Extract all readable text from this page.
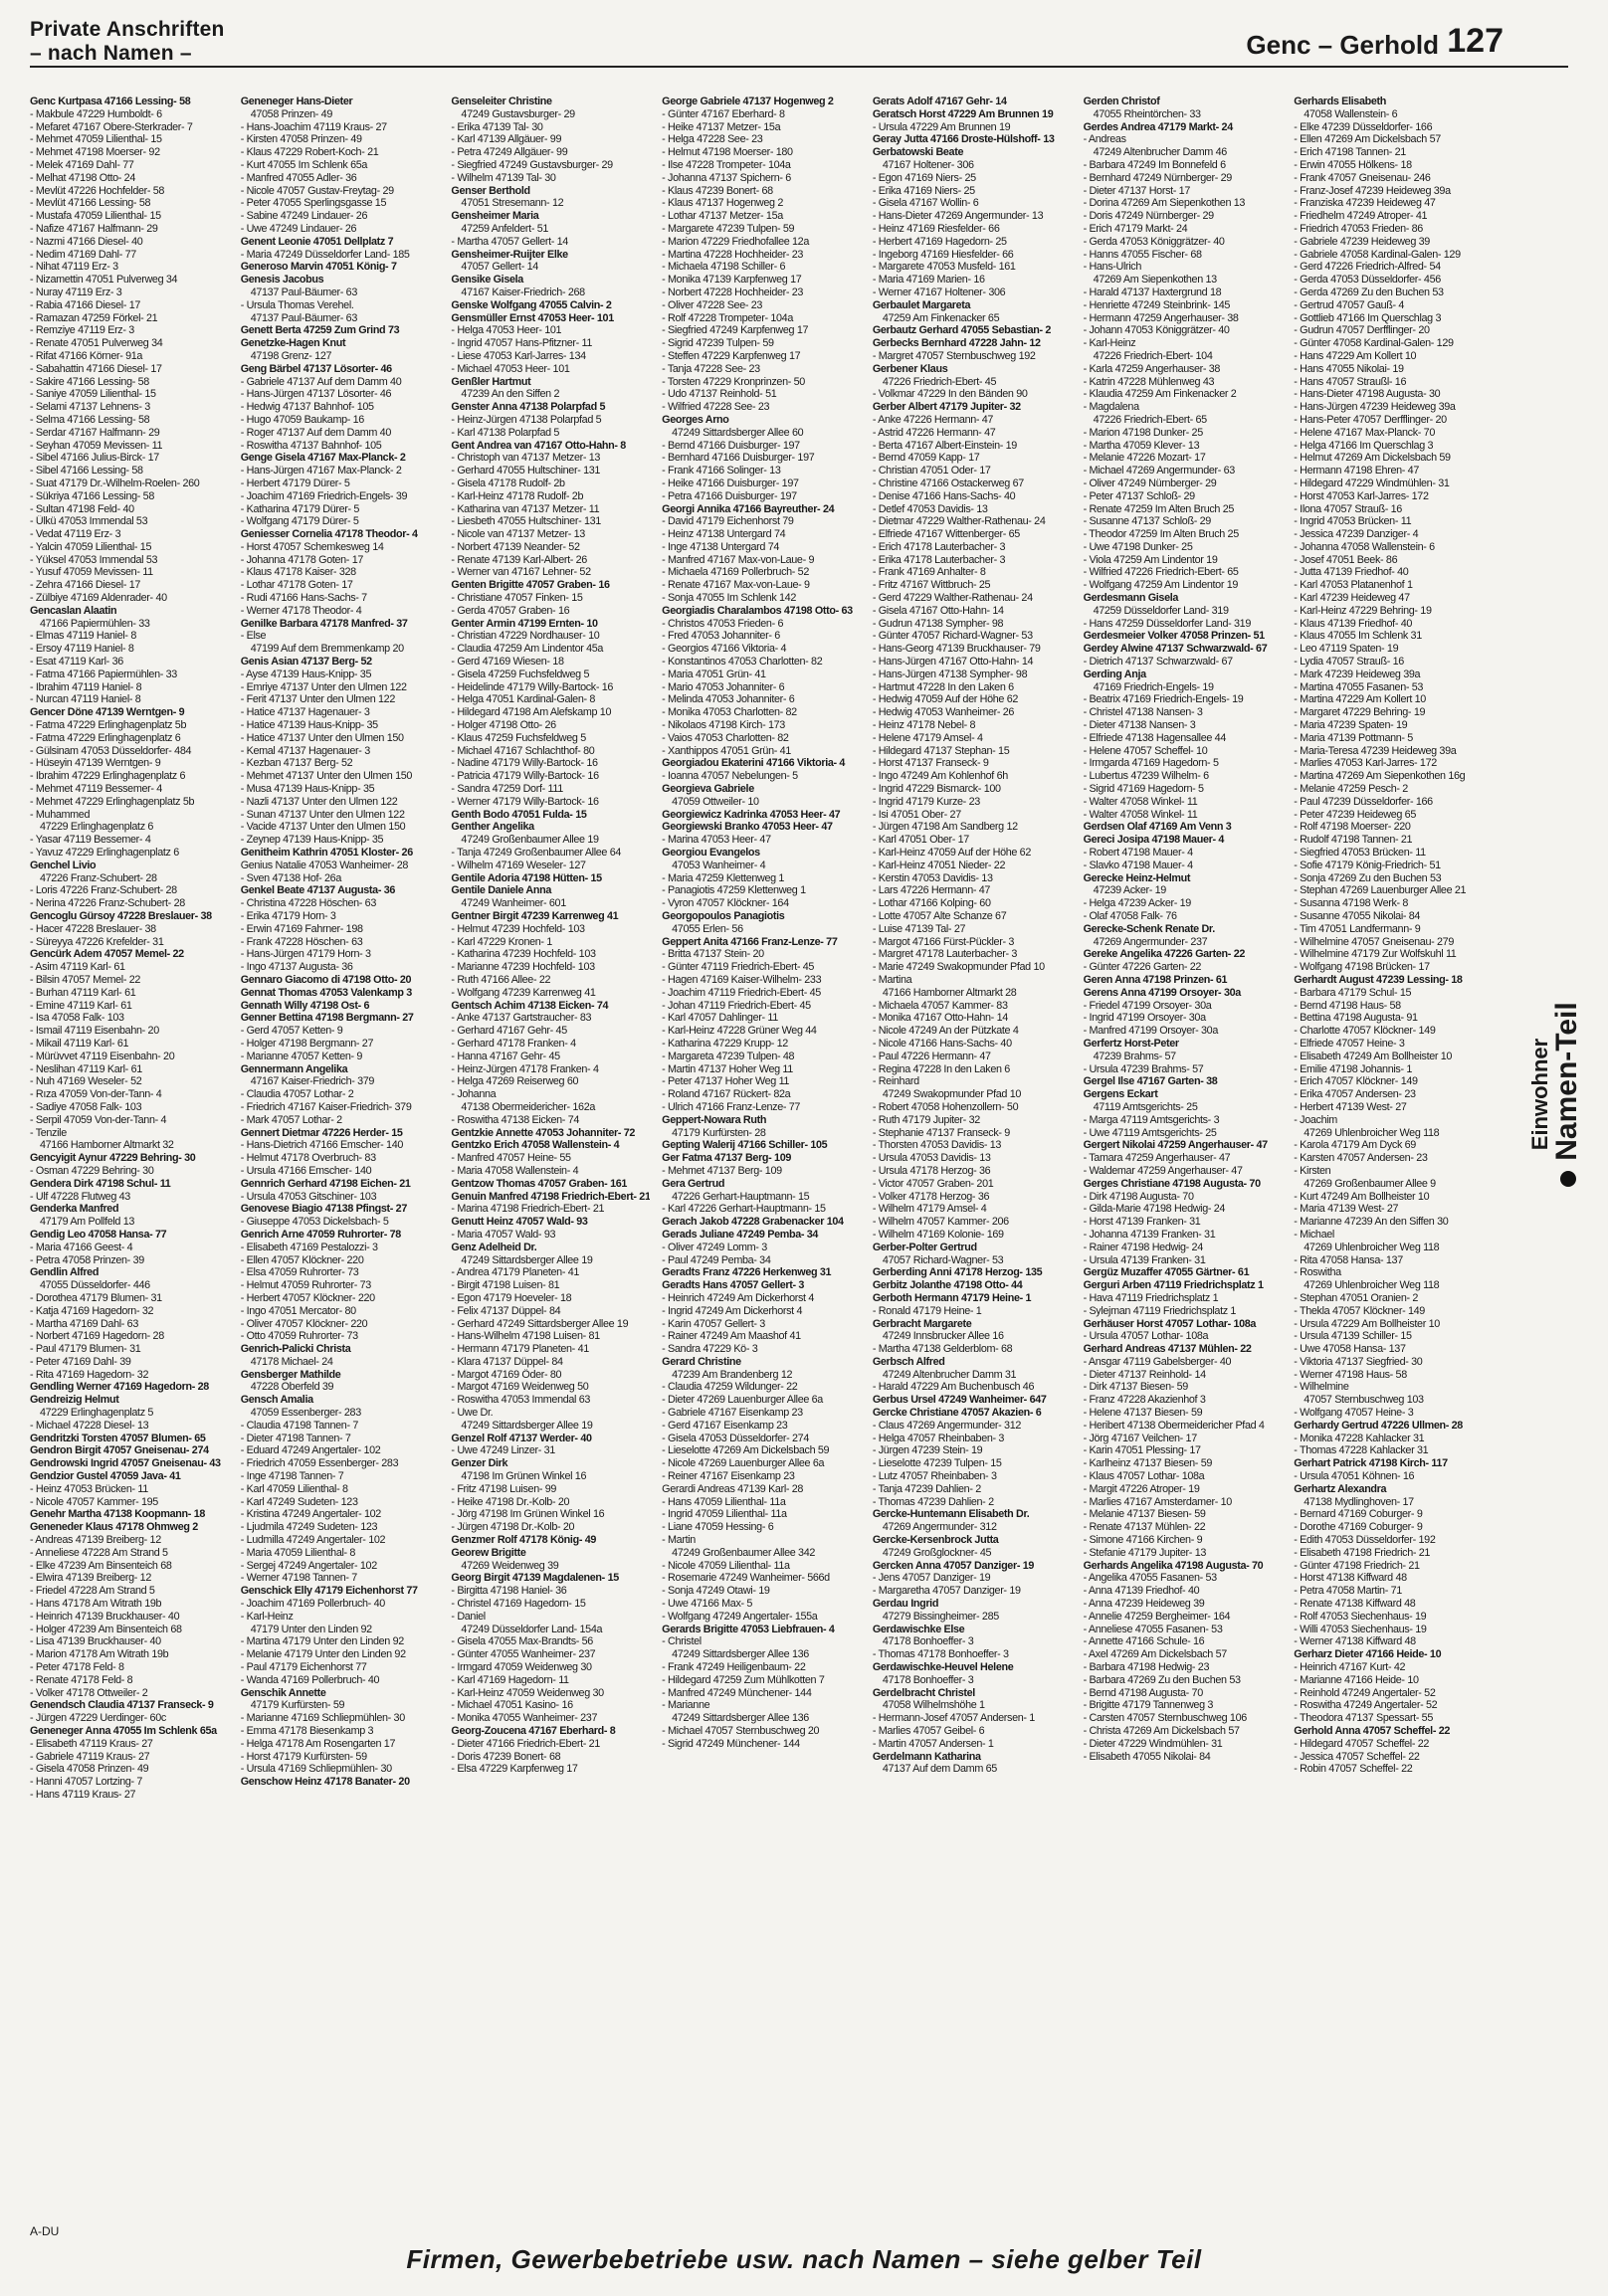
Private Anschriften
– nach Namen –	Genc – Gerhold 127
Genc Kurtpasa 47166 Lessing- 58
- Makbule 47229 Humboldt- 6
- Mefaret 47167 Obere-Sterkrader- 7
- Mehmet 47059 Lilienthal- 15
- Mehmet 47198 Moerser- 92
- Melek 47169 Dahl- 77
- Melhat 47198 Otto- 24
- Mevlüt 47226 Hochfelder- 58
- Mevlüt 47166 Lessing- 58
- Mustafa 47059 Lilienthal- 15
- Nafize 47167 Halfmann- 29
- Nazmi 47166 Diesel- 40
- Nedim 47169 Dahl- 77
- Nihat 47119 Erz- 3
- Nizamettin 47051 Pulverweg 34
- Nuray 47119 Erz- 3
- Rabia 47166 Diesel- 17
- Ramazan 47259 Förkel- 21
- Remziye 47119 Erz- 3
- Renate 47051 Pulverweg 34
- Rifat 47166 Körner- 91a
- Sabahattin 47166 Diesel- 17
- Sakire 47166 Lessing- 58
- Saniye 47059 Lilienthal- 15
- Selami 47137 Lehnens- 3
- Selma 47166 Lessing- 58
- Serdar 47167 Halfmann- 29
- Seyhan 47059 Mevissen- 11
- Sibel 47166 Julius-Birck- 17
- Sibel 47166 Lessing- 58
- Suat 47179 Dr.-Wilhelm-Roelen- 260
- Sükriya 47166 Lessing- 58
- Sultan 47198 Feld- 40
- Ülkü 47053 Immendal 53
- Vedat 47119 Erz- 3
- Yalcin 47059 Lilienthal- 15
- Yüksel 47053 Immendal 53
- Yusuf 47059 Mevissen- 11
- Zehra 47166 Diesel- 17
- Zülbiye 47169 Aldenrader- 40
Gencaslan Alaatin
47166 Papiermühlen- 33
- Elmas 47119 Haniel- 8
- Ersoy 47119 Haniel- 8
- Esat 47119 Karl- 36
- Fatma 47166 Papiermühlen- 33
- Ibrahim 47119 Haniel- 8
- Nurcan 47119 Haniel- 8
Gencer Döne 47139 Werntgen- 9
- Fatma 47229 Erlinghagenplatz 5b
- Fatma 47229 Erlinghagenplatz 6
- Gülsinam 47053 Düsseldorfer- 484
- Hüseyin 47139 Werntgen- 9
- Ibrahim 47229 Erlinghagenplatz 6
- Mehmet 47119 Bessemer- 4
- Mehmet 47229 Erlinghagenplatz 5b
- Muhammed
47229 Erlinghagenplatz 6
- Yasar 47119 Bessemer- 4
- Yavuz 47229 Erlinghagenplatz 6
Genchel Livio
47226 Franz-Schubert- 28
- Loris 47226 Franz-Schubert- 28
- Nerina 47226 Franz-Schubert- 28
Gencoglu Gürsoy 47228 Breslauer- 38
- Hacer 47228 Breslauer- 38
- Süreyya 47226 Krefelder- 31
Gencürk Adem 47057 Memel- 22
- Asim 47119 Karl- 61
- Bilsin 47057 Memel- 22
- Burhan 47119 Karl- 61
- Emine 47119 Karl- 61
- Isa 47058 Falk- 103
- Ismail 47119 Eisenbahn- 20
- Mikail 47119 Karl- 61
- Mürüvvet 47119 Eisenbahn- 20
- Neslihan 47119 Karl- 61
- Nuh 47169 Weseler- 52
- Rıza 47059 Von-der-Tann- 4
- Sadiye 47058 Falk- 103
- Serpil 47059 Von-der-Tann- 4
- Tenzile
47166 Hamborner Altmarkt 32
Gencyigit Aynur 47229 Behring- 30
- Osman 47229 Behring- 30
Gendera Dirk 47198 Schul- 11
- Ulf 47228 Flutweg 43
Genderka Manfred
47179 Am Pollfeld 13
Gendig Leo 47058 Hansa- 77
- Maria 47166 Geest- 4
- Petra 47058 Prinzen- 39
Gendlin Alfred
47055 Düsseldorfer- 446
- Dorothea 47179 Blumen- 31
- Katja 47169 Hagedorn- 32
- Martha 47169 Dahl- 63
- Norbert 47169 Hagedorn- 28
- Paul 47179 Blumen- 31
- Peter 47169 Dahl- 39
- Rita 47169 Hagedorn- 32
Gendling Werner 47169 Hagedorn- 28
Gendreizig Helmut
47229 Erlinghagenplatz 5
- Michael 47228 Diesel- 13
Gendritzki Torsten 47057 Blumen- 65
Gendron Birgit 47057 Gneisenau- 274
Gendrowski Ingrid 47057 Gneisenau- 43
Gendzior Gustel 47059 Java- 41
- Heinz 47053 Brücken- 11
- Nicole 47057 Kammer- 195
Genehr Martha 47138 Koopmann- 18
Geneneder Klaus 47178 Ohmweg 2
- Andreas 47139 Breiberg- 12
- Anneliese 47228 Am Strand 5
- Elke 47239 Am Binsenteich 68
- Elwira 47139 Breiberg- 12
- Friedel 47228 Am Strand 5
- Hans 47178 Am Witrath 19b
- Heinrich 47139 Bruckhauser- 40
- Holger 47239 Am Binsenteich 68
- Lisa 47139 Bruckhauser- 40
- Marion 47178 Am Witrath 19b
- Peter 47178 Feld- 8
- Renate 47178 Feld- 8
- Volker 47178 Ottweiler- 2
Genendsch Claudia 47137 Franseck- 9
- Jürgen 47229 Uerdinger- 60c
Geneneger Anna 47055 Im Schlenk 65a
- Elisabeth 47119 Kraus- 27
- Gabriele 47119 Kraus- 27
- Gisela 47058 Prinzen- 49
- Hanni 47057 Lortzing- 7
- Hans 47119 Kraus- 27
Geneneger Hans-Dieter
47058 Prinzen- 49
- Hans-Joachim 47119 Kraus- 27
- Kirsten 47058 Prinzen- 49
- Klaus 47229 Robert-Koch- 21
- Kurt 47055 Im Schlenk 65a
- Manfred 47055 Adler- 36
- Nicole 47057 Gustav-Freytag- 29
- Peter 47055 Sperlingsgasse 15
- Sabine 47249 Lindauer- 26
- Uwe 47249 Lindauer- 26
Genent Leonie 47051 Dellplatz 7
- Maria 47249 Düsseldorfer Land- 185
Generoso Marvin 47051 König- 7
Genesis Jacobus
47137 Paul-Bäumer- 63
- Ursula Thomas Verehel.
47137 Paul-Bäumer- 63
Genett Berta 47259 Zum Grind 73
Genetzke-Hagen Knut
47198 Grenz- 127
Geng Bärbel 47137 Lösorter- 46
- Gabriele 47137 Auf dem Damm 40
- Hans-Jürgen 47137 Lösorter- 46
- Hedwig 47137 Bahnhof- 105
- Hugo 47059 Baukamp- 16
- Roger 47137 Auf dem Damm 40
- Roswitha 47137 Bahnhof- 105
Genge Gisela 47167 Max-Planck- 2
- Hans-Jürgen 47167 Max-Planck- 2
- Herbert 47179 Dürer- 5
- Joachim 47169 Friedrich-Engels- 39
- Katharina 47179 Dürer- 5
- Wolfgang 47179 Dürer- 5
Geniesser Cornelia 47178 Theodor- 4
- Horst 47057 Schemkesweg 14
- Johanna 47178 Goten- 17
- Klaus 47178 Kaiser- 328
- Lothar 47178 Goten- 17
- Rudi 47166 Hans-Sachs- 7
- Werner 47178 Theodor- 4
Genilke Barbara 47178 Manfred- 37
- Else
47199 Auf dem Bremmenkamp 20
Genis Asian 47137 Berg- 52
- Ayse 47139 Haus-Knipp- 35
- Emriye 47137 Unter den Ulmen 122
- Ferit 47137 Unter den Ulmen 122
- Hatice 47137 Hagenauer- 3
- Hatice 47139 Haus-Knipp- 35
- Hatice 47137 Unter den Ulmen 150
- Kemal 47137 Hagenauer- 3
- Kezban 47137 Berg- 52
- Mehmet 47137 Unter den Ulmen 150
- Musa 47139 Haus-Knipp- 35
- Nazli 47137 Unter den Ulmen 122
- Sunan 47137 Unter den Ulmen 122
- Vacide 47137 Unter den Ulmen 150
- Zeynep 47139 Haus-Knipp- 35
Genitheim Kathrin 47051 Kloster- 26
Genius Natalie 47053 Wanheimer- 28
- Sven 47138 Hof- 26a
Genkel Beate 47137 Augusta- 36
- Christina 47228 Höschen- 63
- Erika 47179 Horn- 3
- Erwin 47169 Fahrner- 198
- Frank 47228 Höschen- 63
- Hans-Jürgen 47179 Horn- 3
- Ingo 47137 Augusta- 36
Gennaro Giacomo di 47198 Otto- 20
Gennat Thomas 47053 Valenkamp 3
Gennath Willy 47198 Ost- 6
Genner Bettina 47198 Bergmann- 27
- Gerd 47057 Ketten- 9
- Holger 47198 Bergmann- 27
- Marianne 47057 Ketten- 9
Gennermann Angelika
47167 Kaiser-Friedrich- 379
- Claudia 47057 Lothar- 2
- Friedrich 47167 Kaiser-Friedrich- 379
- Mark 47057 Lothar- 2
Gennert Dietmar 47226 Herder- 15
- Hans-Dietrich 47166 Emscher- 140
- Helmut 47178 Overbruch- 83
- Ursula 47166 Emscher- 140
Gennrich Gerhard 47198 Eichen- 21
- Ursula 47053 Gitschiner- 103
Genovese Biagio 47138 Pfingst- 27
- Giuseppe 47053 Dickelsbach- 5
Genrich Arne 47059 Ruhrorter- 78
- Elisabeth 47169 Pestalozzi- 3
- Ellen 47057 Klöckner- 220
- Elsa 47059 Ruhrorter- 73
- Helmut 47059 Ruhrorter- 73
- Herbert 47057 Klöckner- 220
- Ingo 47051 Mercator- 80
- Oliver 47057 Klöckner- 220
- Otto 47059 Ruhrorter- 73
Genrich-Palicki Christa
47178 Michael- 24
Gensberger Mathilde
47228 Oberfeld 39
Gensch Amalia
47059 Essenberger- 283
- Claudia 47198 Tannen- 7
- Dieter 47198 Tannen- 7
- Eduard 47249 Angertaler- 102
- Friedrich 47059 Essenberger- 283
- Inge 47198 Tannen- 7
- Karl 47059 Lilienthal- 8
- Karl 47249 Sudeten- 123
- Kristina 47249 Angertaler- 102
- Ljudmila 47249 Sudeten- 123
- Ludmilla 47249 Angertaler- 102
- Maria 47059 Lilienthal- 8
- Sergej 47249 Angertaler- 102
- Werner 47198 Tannen- 7
Genschick Elly 47179 Eichenhorst 77
- Joachim 47169 Pollerbruch- 40
- Karl-Heinz
47179 Unter den Linden 92
- Martina 47179 Unter den Linden 92
- Melanie 47179 Unter den Linden 92
- Paul 47179 Eichenhorst 77
- Wanda 47169 Pollerbruch- 40
Genschik Annette
47179 Kurfürsten- 59
- Marianne 47169 Schliepmühlen- 30
- Emma 47178 Biesenkamp 3
- Helga 47178 Am Rosengarten 17
- Horst 47179 Kurfürsten- 59
- Ursula 47169 Schliepmühlen- 30
Genschow Heinz 47178 Banater- 20
Genseleiter Christine
47249 Gustavsburger- 29
- Erika 47139 Tal- 30
- Karl 47139 Allgäuer- 99
- Petra 47249 Allgäuer- 99
- Siegfried 47249 Gustavsburger- 29
- Wilhelm 47139 Tal- 30
Genser Berthold
47051 Stresemann- 12
Gensheimer Maria
47259 Anfeldert- 51
- Martha 47057 Gellert- 14
Gensheimer-Ruijter Elke
47057 Gellert- 14
Gensike Gisela
47167 Kaiser-Friedrich- 268
Genske Wolfgang 47055 Calvin- 2
Gensmüller Ernst 47053 Heer- 101
- Helga 47053 Heer- 101
- Ingrid 47057 Hans-Pfitzner- 11
- Liese 47053 Karl-Jarres- 134
- Michael 47053 Heer- 101
Genßler Hartmut
47239 An den Siffen 2
Genster Anna 47138 Polarpfad 5
- Heinz-Jürgen 47138 Polarpfad 5
- Karl 47138 Polarpfad 5
Gent Andrea van 47167 Otto-Hahn- 8
- Christoph van 47137 Metzer- 13
- Gerhard 47055 Hultschiner- 131
- Gisela 47178 Rudolf- 2b
- Karl-Heinz 47178 Rudolf- 2b
- Katharina van 47137 Metzer- 11
- Liesbeth 47055 Hultschiner- 131
- Nicole van 47137 Metzer- 13
- Norbert 47139 Neander- 52
- Renate 47139 Karl-Albert- 26
- Werner van 47167 Lehner- 52
Genten Brigitte 47057 Graben- 16
- Christiane 47057 Finken- 15
- Gerda 47057 Graben- 16
Genter Armin 47199 Ernten- 10
- Christian 47229 Nordhauser- 10
- Claudia 47259 Am Lindentor 45a
- Gerd 47169 Wiesen- 18
- Gisela 47259 Fuchsfeldweg 5
- Heidelinde 47179 Willy-Bartock- 16
- Helga 47051 Kardinal-Galen- 8
- Hildegard 47198 Am Alefskamp 10
- Holger 47198 Otto- 26
- Klaus 47259 Fuchsfeldweg 5
- Michael 47167 Schlachthof- 80
- Nadine 47179 Willy-Bartock- 16
- Patricia 47179 Willy-Bartock- 16
- Sandra 47259 Dorf- 111
- Werner 47179 Willy-Bartock- 16
Genth Bodo 47051 Fulda- 15
Genther Angelika
47249 Großenbaumer Allee 19
- Tanja 47249 Großenbaumer Allee 64
- Wilhelm 47169 Weseler- 127
Gentile Adoria 47198 Hütten- 15
Gentile Daniele Anna
47249 Wanheimer- 601
Gentner Birgit 47239 Karrenweg 41
- Helmut 47239 Hochfeld- 103
- Karl 47229 Kronen- 1
- Katharina 47239 Hochfeld- 103
- Marianne 47239 Hochfeld- 103
- Ruth 47166 Allee- 22
- Wolfgang 47239 Karrenweg 41
Gentsch Achim 47138 Eicken- 74
- Anke 47137 Gartstraucher- 83
- Gerhard 47167 Gehr- 45
- Gerhard 47178 Franken- 4
- Hanna 47167 Gehr- 45
- Heinz-Jürgen 47178 Franken- 4
- Helga 47269 Reiserweg 60
- Johanna
47138 Obermeidericher- 162a
- Roswitha 47138 Eicken- 74
Gentzkie Annette 47053 Johanniter- 72
Gentzko Erich 47058 Wallenstein- 4
- Manfred 47057 Heine- 55
- Maria 47058 Wallenstein- 4
Gentzow Thomas 47057 Graben- 161
Genuin Manfred 47198 Friedrich-Ebert- 21
- Marina 47198 Friedrich-Ebert- 21
Genutt Heinz 47057 Wald- 93
- Maria 47057 Wald- 93
Genz Adelheid Dr.
47249 Sittardsberger Allee 19
- Andrea 47179 Planeten- 41
- Birgit 47198 Luisen- 81
- Egon 47179 Hoeveler- 18
- Felix 47137 Düppel- 84
- Gerhard 47249 Sittardsberger Allee 19
- Hans-Wilhelm 47198 Luisen- 81
- Hermann 47179 Planeten- 41
- Klara 47137 Düppel- 84
- Margot 47169 Öder- 80
- Margot 47169 Weidenweg 50
- Roswitha 47053 Immendal 63
- Uwe Dr.
47249 Sittardsberger Allee 19
Genzel Rolf 47137 Werder- 40
- Uwe 47249 Linzer- 31
Genzer Dirk
47198 Im Grünen Winkel 16
- Fritz 47198 Luisen- 99
- Heike 47198 Dr.-Kolb- 20
- Jörg 47198 Im Grünen Winkel 16
- Jürgen 47198 Dr.-Kolb- 20
Genzmer Rolf 47178 König- 49
Georew Brigitte
47269 Weidenweg 39
Georg Birgit 47139 Magdalenen- 15
- Birgitta 47198 Haniel- 36
- Christel 47169 Hagedorn- 15
- Daniel
47249 Düsseldorfer Land- 154a
- Gisela 47055 Max-Brandts- 56
- Günter 47055 Wanheimer- 237
- Irmgard 47059 Weidenweg 30
- Karl 47169 Hagedorn- 11
- Karl-Heinz 47059 Weidenweg 30
- Michael 47051 Kasino- 16
- Monika 47055 Wanheimer- 237
Georg-Zoucena 47167 Eberhard- 8
- Dieter 47166 Friedrich-Ebert- 21
- Doris 47239 Bonert- 68
- Elsa 47229 Karpfenweg 17
George Gabriele 47137 Hogenweg 2
- Günter 47167 Eberhard- 8
- Heike 47137 Metzer- 15a
- Helga 47228 See- 23
- Helmut 47198 Moerser- 180
- Ilse 47228 Trompeter- 104a
- Johanna 47137 Spichern- 6
- Klaus 47239 Bonert- 68
- Klaus 47137 Hogenweg 2
- Lothar 47137 Metzer- 15a
- Margarete 47239 Tulpen- 59
- Marion 47229 Friedhofallee 12a
- Martina 47228 Hochheider- 23
- Michaela 47198 Schiller- 6
- Monika 47139 Karpfenweg 17
- Norbert 47228 Hochheider- 23
- Oliver 47228 See- 23
- Rolf 47228 Trompeter- 104a
- Siegfried 47249 Karpfenweg 17
- Sigrid 47239 Tulpen- 59
- Steffen 47229 Karpfenweg 17
- Tanja 47228 See- 23
- Torsten 47229 Kronprinzen- 50
- Udo 47137 Reinhold- 51
- Wilfried 47228 See- 23
Georges Arno
47249 Sittardsberger Allee 60
- Bernd 47166 Duisburger- 197
- Bernhard 47166 Duisburger- 197
- Frank 47166 Solinger- 13
- Heike 47166 Duisburger- 197
- Petra 47166 Duisburger- 197
Georgi Annika 47166 Bayreuther- 24
- David 47179 Eichenhorst 79
- Heinz 47138 Untergard 74
- Inge 47138 Untergard 74
- Manfred 47167 Max-von-Laue- 9
- Michaela 47169 Pollerbruch- 52
- Renate 47167 Max-von-Laue- 9
- Sonja 47055 Im Schlenk 142
Georgiadis Charalambos 47198 Otto- 63
- Christos 47053 Frieden- 6
- Fred 47053 Johanniter- 6
- Georgios 47166 Viktoria- 4
- Konstantinos 47053 Charlotten- 82
- Maria 47051 Grün- 41
- Mario 47053 Johanniter- 6
- Melinda 47053 Johanniter- 6
- Monika 47053 Charlotten- 82
- Nikolaos 47198 Kirch- 173
- Vaios 47053 Charlotten- 82
- Xanthippos 47051 Grün- 41
Georgiadou Ekaterini 47166 Viktoria- 4
- Ioanna 47057 Nebelungen- 5
Georgieva Gabriele
47059 Ottweiler- 10
Georgiewicz Kadrinka 47053 Heer- 47
Georgiewski Branko 47053 Heer- 47
- Marina 47053 Heer- 47
Georgiou Evangelos
47053 Wanheimer- 4
- Maria 47259 Klettenweg 1
- Panagiotis 47259 Klettenweg 1
- Vyron 47057 Klöckner- 164
Georgopoulos Panagiotis
47055 Erlen- 56
Geppert Anita 47166 Franz-Lenze- 77
- Britta 47137 Stein- 20
- Günter 47119 Friedrich-Ebert- 45
- Hagen 47169 Kaiser-Wilhelm- 233
- Joachim 47119 Friedrich-Ebert- 45
- Johan 47119 Friedrich-Ebert- 45
- Karl 47057 Dahlinger- 11
- Karl-Heinz 47228 Grüner Weg 44
- Katharina 47229 Krupp- 12
- Margareta 47239 Tulpen- 48
- Martin 47137 Hoher Weg 11
- Peter 47137 Hoher Weg 11
- Roland 47167 Rückert- 82a
- Ulrich 47166 Franz-Lenze- 77
Geppert-Nowara Ruth
47179 Kurfürsten- 28
Gepting Walerij 47166 Schiller- 105
Ger Fatma 47137 Berg- 109
- Mehmet 47137 Berg- 109
Gera Gertrud
47226 Gerhart-Hauptmann- 15
- Karl 47226 Gerhart-Hauptmann- 15
Gerach Jakob 47228 Grabenacker 104
Gerads Juliane 47249 Pemba- 34
- Oliver 47249 Lomm- 3
- Paul 47249 Pemba- 34
Geradts Franz 47226 Herkenweg 31
Geradts Hans 47057 Gellert- 3
- Heinrich 47249 Am Dickerhorst 4
- Ingrid 47249 Am Dickerhorst 4
- Karin 47057 Gellert- 3
- Rainer 47249 Am Maashof 41
- Sandra 47229 Kö- 3
Gerard Christine
47239 Am Brandenberg 12
- Claudia 47259 Wildunger- 22
- Dieter 47269 Lauenburger Allee 6a
- Gabriele 47167 Eisenkamp 23
- Gerd 47167 Eisenkamp 23
- Gisela 47053 Düsseldorfer- 274
- Lieselotte 47269 Am Dickelsbach 59
- Nicole 47269 Lauenburger Allee 6a
- Reiner 47167 Eisenkamp 23
Gerardi Andreas 47139 Karl- 28
- Hans 47059 Lilienthal- 11a
- Ingrid 47059 Lilienthal- 11a
- Liane 47059 Hessing- 6
- Martin
47249 Großenbaumer Allee 342
- Nicole 47059 Lilienthal- 11a
- Rosemarie 47249 Wanheimer- 566d
- Sonja 47249 Otawi- 19
- Uwe 47166 Max- 5
- Wolfgang 47249 Angertaler- 155a
Gerards Brigitte 47053 Liebfrauen- 4
- Christel
47249 Sittardsberger Allee 136
- Frank 47249 Heiligenbaum- 22
- Hildegard 47259 Zum Mühlkotten 7
- Manfred 47249 Münchener- 144
- Marianne
47249 Sittardsberger Allee 136
- Michael 47057 Sternbuschweg 20
- Sigrid 47249 Münchener- 144
Gerats Adolf 47167 Gehr- 14
Geratsch Horst 47229 Am Brunnen 19
- Ursula 47229 Am Brunnen 19
Geray Jutta 47166 Droste-Hülshoff- 13
Gerbatowski Beate
47167 Holtener- 306
- Egon 47169 Niers- 25
- Erika 47169 Niers- 25
- Gisela 47167 Wollin- 6
- Hans-Dieter 47269 Angermunder- 13
- Heinz 47169 Riesfelder- 66
- Herbert 47169 Hagedorn- 25
- Ingeborg 47169 Hiesfelder- 66
- Margarete 47053 Musfeld- 161
- Maria 47169 Marien- 16
- Werner 47167 Holtener- 306
Gerbaulet Margareta
47259 Am Finkenacker 65
Gerbautz Gerhard 47055 Sebastian- 2
Gerbecks Bernhard 47228 Jahn- 12
- Margret 47057 Sternbuschweg 192
Gerbener Klaus
47226 Friedrich-Ebert- 45
- Volkmar 47229 In den Bänden 90
Gerber Albert 47179 Jupiter- 32
- Anke 47226 Hermann- 47
- Astrid 47226 Hermann- 47
- Berta 47167 Albert-Einstein- 19
- Bernd 47059 Kapp- 17
- Christian 47051 Oder- 17
- Christine 47166 Ostackerweg 67
- Denise 47166 Hans-Sachs- 40
- Detlef 47053 Davidis- 13
- Dietmar 47229 Walther-Rathenau- 24
- Elfriede 47167 Wittenberger- 65
- Erich 47178 Lauterbacher- 3
- Erika 47178 Lauterbacher- 3
- Frank 47169 Anhalter- 8
- Fritz 47167 Wittbruch- 25
- Gerd 47229 Walther-Rathenau- 24
- Gisela 47167 Otto-Hahn- 14
- Gudrun 47138 Sympher- 98
- Günter 47057 Richard-Wagner- 53
- Hans-Georg 47139 Bruckhauser- 79
- Hans-Jürgen 47167 Otto-Hahn- 14
- Hans-Jürgen 47138 Sympher- 98
- Hartmut 47228 In den Laken 6
- Hedwig 47059 Auf der Höhe 62
- Hedwig 47053 Wanheimer- 26
- Heinz 47178 Nebel- 8
- Helene 47179 Amsel- 4
- Hildegard 47137 Stephan- 15
- Horst 47137 Franseck- 9
- Ingo 47249 Am Kohlenhof 6h
- Ingrid 47229 Bismarck- 100
- Ingrid 47179 Kurze- 23
- Isi 47051 Ober- 27
- Jürgen 47198 Am Sandberg 12
- Karl 47051 Ober- 17
- Karl-Heinz 47059 Auf der Höhe 62
- Karl-Heinz 47051 Nieder- 22
- Kerstin 47053 Davidis- 13
- Lars 47226 Hermann- 47
- Lothar 47166 Kolping- 60
- Lotte 47057 Alte Schanze 67
- Luise 47139 Tal- 27
- Margot 47166 Fürst-Pückler- 3
- Margret 47178 Lauterbacher- 3
- Marie 47249 Swakopmunder Pfad 10
- Martina
47166 Hamborner Altmarkt 28
- Michaela 47057 Kammer- 83
- Monika 47167 Otto-Hahn- 14
- Nicole 47249 An der Pützkate 4
- Nicole 47166 Hans-Sachs- 40
- Paul 47226 Hermann- 47
- Regina 47228 In den Laken 6
- Reinhard
47249 Swakopmunder Pfad 10
- Robert 47058 Hohenzollern- 50
- Ruth 47179 Jupiter- 32
- Stephanie 47137 Franseck- 9
- Thorsten 47053 Davidis- 13
- Ursula 47053 Davidis- 13
- Ursula 47178 Herzog- 36
- Victor 47057 Graben- 201
- Volker 47178 Herzog- 36
- Wilhelm 47179 Amsel- 4
- Wilhelm 47057 Kammer- 206
- Wilhelm 47169 Kolonie- 169
Gerber-Polter Gertrud
47057 Richard-Wagner- 53
Gerberding Anni 47178 Herzog- 135
Gerbitz Jolanthe 47198 Otto- 44
Gerboth Hermann 47179 Heine- 1
- Ronald 47179 Heine- 1
Gerbracht Margarete
47249 Innsbrucker Allee 16
- Martha 47138 Gelderblom- 68
Gerbsch Alfred
47249 Altenbrucher Damm 31
- Harald 47229 Am Buchenbusch 46
Gerbus Ursel 47249 Wanheimer- 647
Gercke Christiane 47057 Akazien- 6
- Claus 47269 Angermunder- 312
- Helga 47057 Rheinbaben- 3
- Jürgen 47239 Stein- 19
- Lieselotte 47239 Tulpen- 15
- Lutz 47057 Rheinbaben- 3
- Tanja 47239 Dahlien- 2
- Thomas 47239 Dahlien- 2
Gercke-Huntemann Elisabeth Dr.
47269 Angermunder- 312
Gercke-Kersenbrock Jutta
47249 Großglockner- 45
Gercken Anna 47057 Danziger- 19
- Jens 47057 Danziger- 19
- Margaretha 47057 Danziger- 19
Gerdau Ingrid
47279 Bissingheimer- 285
Gerdawischke Else
47178 Bonhoeffer- 3
- Thomas 47178 Bonhoeffer- 3
Gerdawischke-Heuvel Helene
47178 Bonhoeffer- 3
Gerdelbracht Christel
47058 Wilhelmshöhe 1
- Hermann-Josef 47057 Andersen- 1
- Marlies 47057 Geibel- 6
- Martin 47057 Andersen- 1
Gerdelmann Katharina
47137 Auf dem Damm 65
Gerden Christof
47055 Rheintörchen- 33
Gerdes Andrea 47179 Markt- 24
- Andreas
47249 Altenbrucher Damm 46
- Barbara 47249 Im Bonnefeld 6
- Bernhard 47249 Nürnberger- 29
- Dieter 47137 Horst- 17
- Dorina 47269 Am Siepenkothen 13
- Doris 47249 Nürnberger- 29
- Erich 47179 Markt- 24
- Gerda 47053 Königgrätzer- 40
- Hanns 47055 Fischer- 68
- Hans-Ulrich
47269 Am Siepenkothen 13
- Harald 47137 Haxtergrund 18
- Henriette 47249 Steinbrink- 145
- Hermann 47259 Angerhauser- 38
- Johann 47053 Königgrätzer- 40
- Karl-Heinz
47226 Friedrich-Ebert- 104
- Karla 47259 Angerhauser- 38
- Katrin 47228 Mühlenweg 43
- Klaudia 47259 Am Finkenacker 2
- Magdalena
47226 Friedrich-Ebert- 65
- Marion 47198 Dunker- 25
- Martha 47059 Klever- 13
- Melanie 47226 Mozart- 17
- Michael 47269 Angermunder- 63
- Oliver 47249 Nürnberger- 29
- Peter 47137 Schloß- 29
- Renate 47259 Im Alten Bruch 25
- Susanne 47137 Schloß- 29
- Theodor 47259 Im Alten Bruch 25
- Uwe 47198 Dunker- 25
- Viola 47259 Am Lindentor 19
- Wilfried 47226 Friedrich-Ebert- 65
- Wolfgang 47259 Am Lindentor 19
Gerdesmann Gisela
47259 Düsseldorfer Land- 319
- Hans 47259 Düsseldorfer Land- 319
Gerdesmeier Volker 47058 Prinzen- 51
Gerdey Alwine 47137 Schwarzwald- 67
- Dietrich 47137 Schwarzwald- 67
Gerding Anja
47169 Friedrich-Engels- 19
- Beatrix 47169 Friedrich-Engels- 19
- Christel 47138 Nansen- 3
- Dieter 47138 Nansen- 3
- Elfriede 47138 Hagensallee 44
- Helene 47057 Scheffel- 10
- Irmgarda 47169 Hagedorn- 5
- Lubertus 47239 Wilhelm- 6
- Sigrid 47169 Hagedorn- 5
- Walter 47058 Winkel- 11
- Walter 47058 Winkel- 11
Gerdsen Olaf 47169 Am Venn 3
Gereci Josipa 47198 Mauer- 4
- Robert 47198 Mauer- 4
- Slavko 47198 Mauer- 4
Gerecke Heinz-Helmut
47239 Acker- 19
- Helga 47239 Acker- 19
- Olaf 47058 Falk- 76
Gerecke-Schenk Renate Dr.
47269 Angermunder- 237
Gereke Angelika 47226 Garten- 22
- Günter 47226 Garten- 22
Geren Anna 47198 Prinzen- 61
Gerens Anna 47199 Orsoyer- 30a
- Friedel 47199 Orsoyer- 30a
- Ingrid 47199 Orsoyer- 30a
- Manfred 47199 Orsoyer- 30a
Gerfertz Horst-Peter
47239 Brahms- 57
- Ursula 47239 Brahms- 57
Gergel Ilse 47167 Garten- 38
Gergens Eckart
47119 Amtsgerichts- 25
- Marga 47119 Amtsgerichts- 3
- Uwe 47119 Amtsgerichts- 25
Gergert Nikolai 47259 Angerhauser- 47
- Tamara 47259 Angerhauser- 47
- Waldemar 47259 Angerhauser- 47
Gerges Christiane 47198 Augusta- 70
- Dirk 47198 Augusta- 70
- Gilda-Marie 47198 Hedwig- 24
- Horst 47139 Franken- 31
- Johanna 47139 Franken- 31
- Rainer 47198 Hedwig- 24
- Ursula 47139 Franken- 31
Gergüz Muzaffer 47055 Gärtner- 61
Gerguri Arben 47119 Friedrichsplatz 1
- Hava 47119 Friedrichsplatz 1
- Sylejman 47119 Friedrichsplatz 1
Gerhäuser Horst 47057 Lothar- 108a
- Ursula 47057 Lothar- 108a
Gerhard Andreas 47137 Mühlen- 22
- Ansgar 47119 Gabelsberger- 40
- Dieter 47137 Reinhold- 14
- Dirk 47137 Biesen- 59
- Franz 47228 Akazienhof 3
- Helene 47137 Biesen- 59
- Heribert 47138 Obermeidericher Pfad 4
- Jörg 47167 Veilchen- 17
- Karin 47051 Plessing- 17
- Karlheinz 47137 Biesen- 59
- Klaus 47057 Lothar- 108a
- Margit 47226 Atroper- 19
- Marlies 47167 Amsterdamer- 10
- Melanie 47137 Biesen- 59
- Renate 47137 Mühlen- 22
- Simone 47166 Kirchen- 9
- Stefanie 47179 Jupiter- 13
Gerhards Angelika 47198 Augusta- 70
- Angelika 47055 Fasanen- 53
- Anna 47139 Friedhof- 40
- Anna 47239 Heideweg 39
- Annelie 47259 Bergheimer- 164
- Anneliese 47055 Fasanen- 53
- Annette 47166 Schule- 16
- Axel 47269 Am Dickelsbach 57
- Barbara 47198 Hedwig- 23
- Barbara 47269 Zu den Buchen 53
- Bernd 47198 Augusta- 70
- Brigitte 47179 Tannenweg 3
- Carsten 47057 Sternbuschweg 106
- Christa 47269 Am Dickelsbach 57
- Dieter 47229 Windmühlen- 31
- Elisabeth 47055 Nikolai- 84
Gerhards Elisabeth
47058 Wallenstein- 6
- Elke 47239 Düsseldorfer- 166
- Ellen 47269 Am Dickelsbach 57
- Erich 47198 Tannen- 21
- Erwin 47055 Hölkens- 18
- Frank 47057 Gneisenau- 246
- Franz-Josef 47239 Heideweg 39a
- Franziska 47239 Heideweg 47
- Friedhelm 47249 Atroper- 41
- Friedrich 47053 Frieden- 86
- Gabriele 47239 Heideweg 39
- Gabriele 47058 Kardinal-Galen- 129
- Gerd 47226 Friedrich-Alfred- 54
- Gerda 47053 Düsseldorfer- 456
- Gerda 47269 Zu den Buchen 53
- Gertrud 47057 Gauß- 4
- Gottlieb 47166 Im Querschlag 3
- Gudrun 47057 Derfflinger- 20
- Günter 47058 Kardinal-Galen- 129
- Hans 47229 Am Kollert 10
- Hans 47055 Nikolai- 19
- Hans 47057 Straußl- 16
- Hans-Dieter 47198 Augusta- 30
- Hans-Jürgen 47239 Heideweg 39a
- Hans-Peter 47057 Derfflinger- 20
- Helene 47167 Max-Planck- 70
- Helga 47166 Im Querschlag 3
- Helmut 47269 Am Dickelsbach 59
- Hermann 47198 Ehren- 47
- Hildegard 47229 Windmühlen- 31
- Horst 47053 Karl-Jarres- 172
- Ilona 47057 Strauß- 16
- Ingrid 47053 Brücken- 11
- Jessica 47239 Danziger- 4
- Johanna 47058 Wallenstein- 6
- Josef 47051 Beek- 86
- Jutta 47139 Friedhof- 40
- Karl 47053 Platanenhof 1
- Karl 47239 Heideweg 47
- Karl-Heinz 47229 Behring- 19
- Klaus 47139 Friedhof- 40
- Klaus 47055 Im Schlenk 31
- Leo 47119 Spaten- 19
- Lydia 47057 Strauß- 16
- Mark 47239 Heideweg 39a
- Martina 47055 Fasanen- 53
- Martina 47229 Am Kollert 10
- Margaret 47229 Behring- 19
- Maria 47239 Spaten- 19
- Maria 47139 Pottmann- 5
- Maria-Teresa 47239 Heideweg 39a
- Marlies 47053 Karl-Jarres- 172
- Martina 47269 Am Siepenkothen 16g
- Melanie 47259 Pesch- 2
- Paul 47239 Düsseldorfer- 166
- Peter 47239 Heideweg 65
- Rolf 47198 Moerser- 220
- Rudolf 47198 Tannen- 21
- Siegfried 47053 Brücken- 11
- Sofie 47179 König-Friedrich- 51
- Sonja 47269 Zu den Buchen 53
- Stephan 47269 Lauenburger Allee 21
- Susanna 47198 Werk- 8
- Susanne 47055 Nikolai- 84
- Tim 47051 Landfermann- 9
- Wilhelmine 47057 Gneisenau- 279
- Wilhelmine 47179 Zur Wolfskuhl 11
- Wolfgang 47198 Brücken- 17
Gerhardt August 47239 Lessing- 18
- Barbara 47179 Schul- 15
- Bernd 47198 Haus- 58
- Bettina 47198 Augusta- 91
- Charlotte 47057 Klöckner- 149
- Elfriede 47057 Heine- 3
- Elisabeth 47249 Am Bollheister 10
- Emilie 47198 Johannis- 1
- Erich 47057 Klöckner- 149
- Erika 47057 Andersen- 23
- Herbert 47139 West- 27
- Joachim
47269 Uhlenbroicher Weg 118
- Karola 47179 Am Dyck 69
- Karsten 47057 Andersen- 23
- Kirsten
47269 Großenbaumer Allee 9
- Kurt 47249 Am Bollheister 10
- Maria 47139 West- 27
- Marianne 47239 An den Siffen 30
- Michael
47269 Uhlenbroicher Weg 118
- Rita 47058 Hansa- 137
- Roswitha
47269 Uhlenbroicher Weg 118
- Stephan 47051 Oranien- 2
- Thekla 47057 Klöckner- 149
- Ursula 47229 Am Bollheister 10
- Ursula 47139 Schiller- 15
- Uwe 47058 Hansa- 137
- Viktoria 47137 Siegfried- 30
- Werner 47198 Haus- 58
- Wilhelmine
47057 Sternbuschweg 103
- Wolfgang 47057 Heine- 3
Gerhardy Gertrud 47226 Ullmen- 28
- Monika 47228 Kahlacker 31
- Thomas 47228 Kahlacker 31
Gerhart Patrick 47198 Kirch- 117
- Ursula 47051 Köhnen- 16
Gerhartz Alexandra
47138 Mydlinghoven- 17
- Bernard 47169 Coburger- 9
- Dorothe 47169 Coburger- 9
- Edith 47053 Düsseldorfer- 192
- Elisabeth 47198 Friedrich- 21
- Günter 47198 Friedrich- 21
- Horst 47138 Kiffward 48
- Petra 47058 Martin- 71
- Renate 47138 Kiffward 48
- Rolf 47053 Siechenhaus- 19
- Willi 47053 Siechenhaus- 19
- Werner 47138 Kiffward 48
Gerharz Dieter 47166 Heide- 10
- Heinrich 47167 Kurt- 42
- Marianne 47166 Heide- 10
- Reinhold 47249 Angertaler- 52
- Roswitha 47249 Angertaler- 52
- Theodora 47137 Spessart- 55
Gerhold Anna 47057 Scheffel- 22
- Hildegard 47057 Scheffel- 22
- Jessica 47057 Scheffel- 22
- Robin 47057 Scheffel- 22
Einwohner
Namen-Teil
A-DU
Firmen, Gewerbebetriebe usw. nach Namen – siehe gelber Teil
